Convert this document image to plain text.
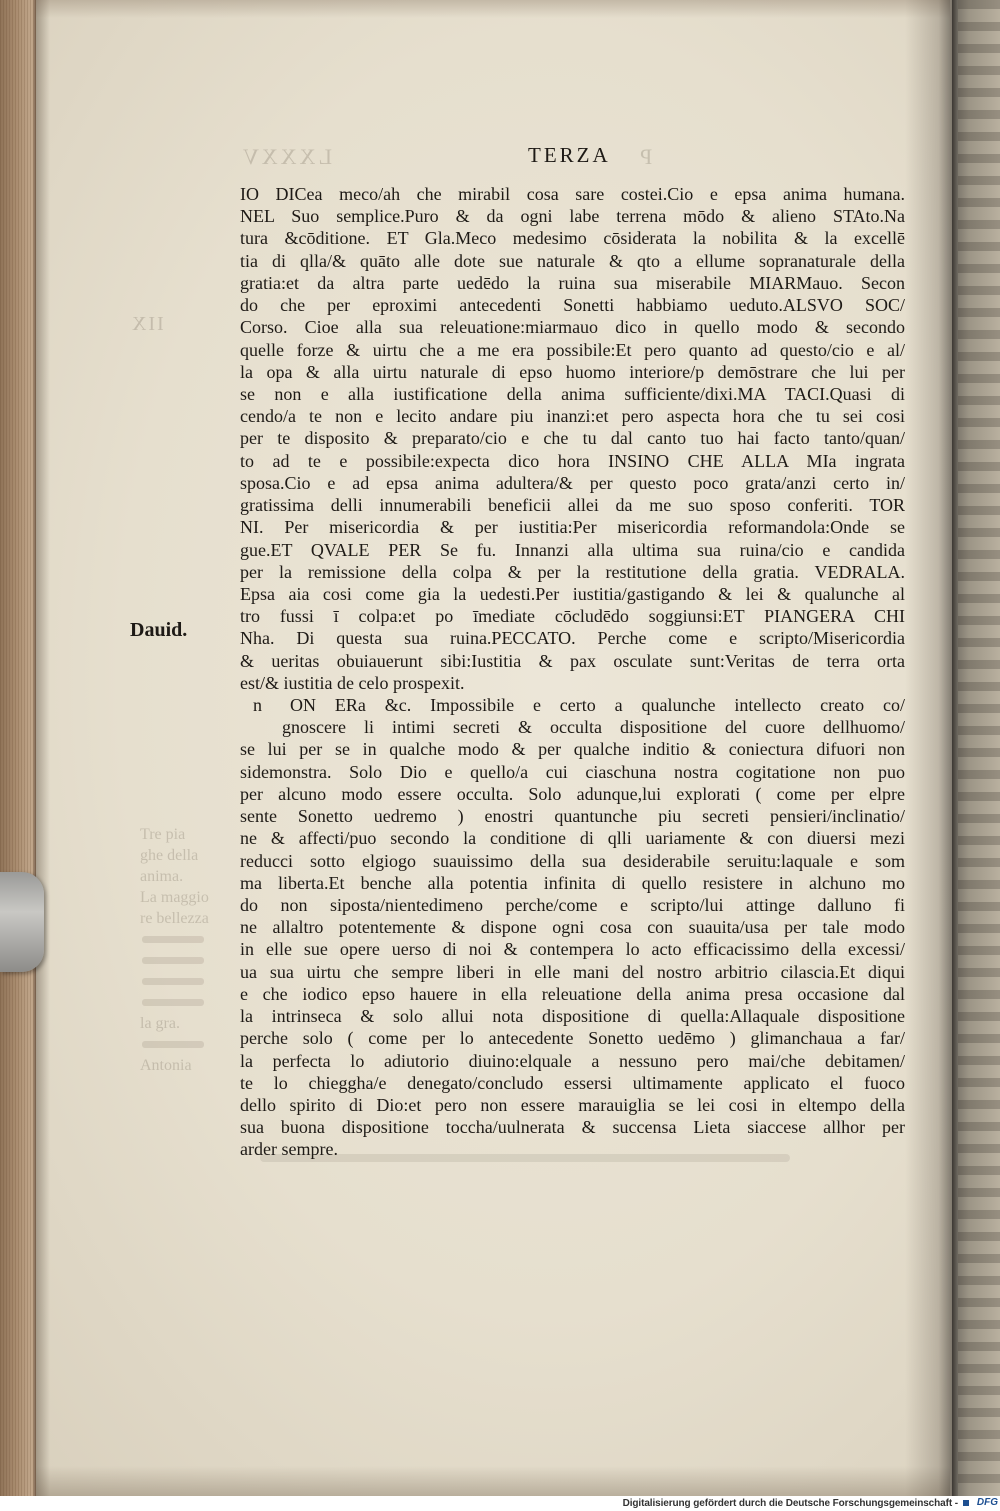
LXXXV	P
IIX
Tre pia
ghe della
anima.
La maggio
re bellezza
la gra.
Antonia
TERZA
Dauid.
IO DICea meco/ah che mirabil cosa sare costei.Cio e epsa anima humana.
NEL Suo semplice.Puro & da ogni labe terrena mōdo & alieno STAto.Na
tura &cōditione. ET Gla.Meco medesimo cōsiderata la nobilita & la excellē
tia di qlla/& quāto alle dote sue naturale & qto a ellume sopranaturale della
gratia:et da altra parte uedēdo la ruina sua miserabile MIARMauo. Secon
do che per eproximi antecedenti Sonetti habbiamo ueduto.ALSVO SOC/
Corso. Cioe alla sua releuatione:miarmauo dico in quello modo & secondo
quelle forze & uirtu che a me era possibile:Et pero quanto ad questo/cio e al/
la opa & alla uirtu naturale di epso huomo interiore/p demōstrare che lui per
se non e alla iustificatione della anima sufficiente/dixi.MA TACI.Quasi di
cendo/a te non e lecito andare piu inanzi:et pero aspecta hora che tu sei cosi
per te disposito & preparato/cio e che tu dal canto tuo hai facto tanto/quan/
to ad te e possibile:expecta dico hora INSINO CHE ALLA MIa ingrata
sposa.Cio e ad epsa anima adultera/& per questo poco grata/anzi certo in/
gratissima delli innumerabili beneficii allei da me suo sposo conferiti. TOR
NI. Per misericordia & per iustitia:Per misericordia reformandola:Onde se
gue.ET QVALE PER Se fu. Innanzi alla ultima sua ruina/cio e candida
per la remissione della colpa & per la restitutione della gratia. VEDRALA.
Epsa aia cosi come gia la uedesti.Per iustitia/gastigando & lei & qualunche al
tro fussi ī colpa:et po īmediate cōcludēdo soggiunsi:ET PIANGERA CHI
Nha. Di questa sua ruina.PECCATO. Perche come e scripto/Misericordia
& ueritas obuiauerunt sibi:Iustitia & pax osculate sunt:Veritas de terra orta
est/& iustitia de celo prospexit.
n ON ERa &c. Impossibile e certo a qualunche intellecto creato co/
gnoscere li intimi secreti & occulta dispositione del cuore dellhuomo/
se lui per se in qualche modo & per qualche inditio & coniectura difuori non
sidemonstra. Solo Dio e quello/a cui ciaschuna nostra cogitatione non puo
per alcuno modo essere occulta. Solo adunque,lui explorati ( come per elpre
sente Sonetto uedremo ) enostri quantunche piu secreti pensieri/inclinatio/
ne & affecti/puo secondo la conditione di qlli uariamente & con diuersi mezi
reducci sotto elgiogo suauissimo della sua desiderabile seruitu:laquale e som
ma liberta.Et benche alla potentia infinita di quello resistere in alchuno mo
do non siposta/nientedimeno perche/come e scripto/lui attinge dalluno fi
ne allaltro potentemente & dispone ogni cosa con suauita/usa per tale modo
in elle sue opere uerso di noi & contempera lo acto efficacissimo della excessi/
ua sua uirtu che sempre liberi in elle mani del nostro arbitrio cilascia.Et diqui
e che iodico epso hauere in ella releuatione della anima presa occasione dal
la intrinseca & solo allui nota dispositione di quella:Allaquale dispositione
perche solo ( come per lo antecedente Sonetto uedēmo ) glimanchaua a far/
la perfecta lo adiutorio diuino:elquale a nessuno pero mai/che debitamen/
te lo chieggha/e denegato/concludo essersi ultimamente applicato el fuoco
dello spirito di Dio:et pero non essere marauiglia se lei cosi in eltempo della
sua buona dispositione toccha/uulnerata & succensa Lieta siaccese allhor per
arder sempre.
Digitalisierung gefördert durch die Deutsche Forschungsgemeinschaft -	DFG
